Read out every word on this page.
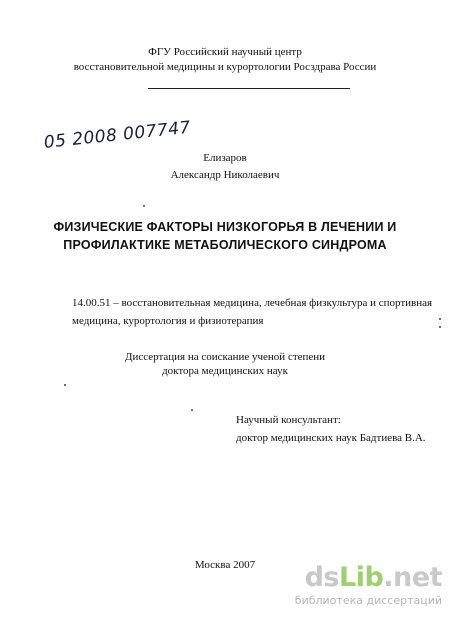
ФГУ Российский научный центр
восстановительной медицины и курортологии Росздрава России
05 2008 007747
Елизаров
Александр Николаевич
ФИЗИЧЕСКИЕ ФАКТОРЫ НИЗКОГОРЬЯ В ЛЕЧЕНИИ И
ПРОФИЛАКТИКЕ МЕТАБОЛИЧЕСКОГО СИНДРОМА
14.00.51 – восстановительная медицина, лечебная физкультура и спортивная
медицина, курортология и физиотерапия
Диссертация на соискание ученой степени
доктора медицинских наук
Научный консультант:
доктор медицинских наук Бадтиева В.А.
Москва 2007	dsLib.net
библиотека диссертаций
